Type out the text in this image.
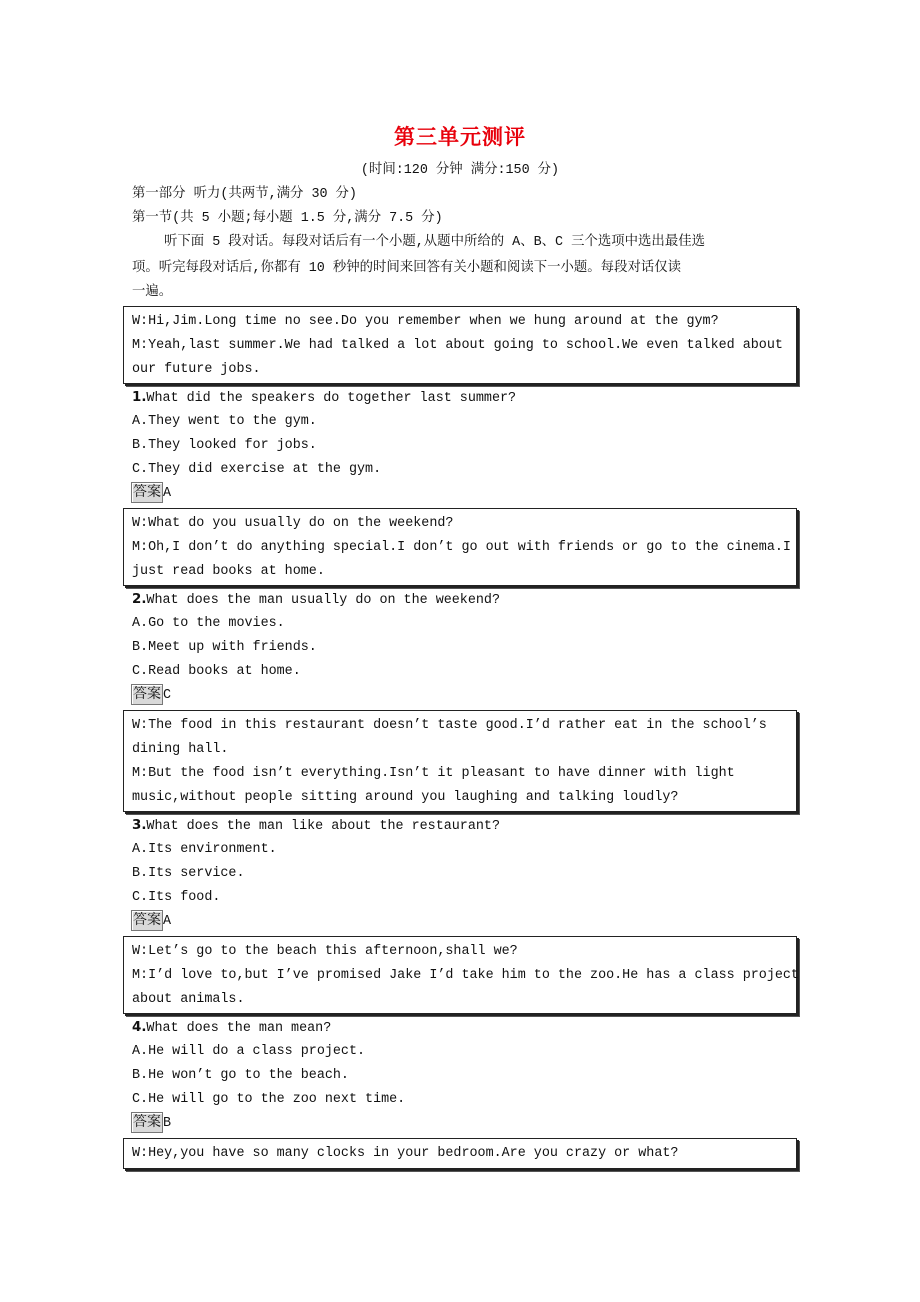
第三单元测评
(时间:120 分钟 满分:150 分)
第一部分 听力(共两节,满分 30 分)
第一节(共 5 小题;每小题 1.5 分,满分 7.5 分)
听下面 5 段对话。每段对话后有一个小题,从题中所给的 A、B、C 三个选项中选出最佳选
项。听完每段对话后,你都有 10 秒钟的时间来回答有关小题和阅读下一小题。每段对话仅读
一遍。
W:Hi,Jim.Long time no see.Do you remember when we hung around at the gym?
M:Yeah,last summer.We had talked a lot about going to school.We even talked about
our future jobs.
1.What did the speakers do together last summer?
A.They went to the gym.
B.They looked for jobs.
C.They did exercise at the gym.
答案 A
W:What do you usually do on the weekend?
M:Oh,I don’t do anything special.I don’t go out with friends or go to the cinema.I
just read books at home.
2.What does the man usually do on the weekend?
A.Go to the movies.
B.Meet up with friends.
C.Read books at home.
答案 C
W:The food in this restaurant doesn’t taste good.I’d rather eat in the school’s
dining hall.
M:But the food isn’t everything.Isn’t it pleasant to have dinner with light
music,without people sitting around you laughing and talking loudly?
3.What does the man like about the restaurant?
A.Its environment.
B.Its service.
C.Its food.
答案 A
W:Let’s go to the beach this afternoon,shall we?
M:I’d love to,but I’ve promised Jake I’d take him to the zoo.He has a class project
about animals.
4.What does the man mean?
A.He will do a class project.
B.He won’t go to the beach.
C.He will go to the zoo next time.
答案 B
W:Hey,you have so many clocks in your bedroom.Are you crazy or what?
